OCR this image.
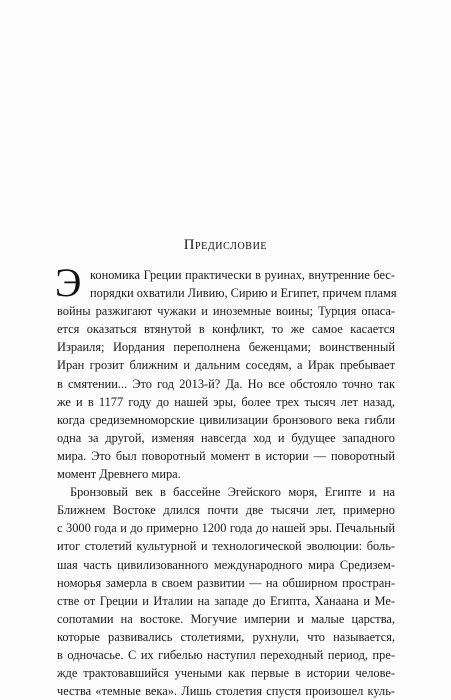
Предисловие
Э кономика Греции практически в руинах, внутренние бес-
порядки охватили Ливию, Сирию и Египет, причем пламя
войны разжигают чужаки и иноземные воины; Турция опаса-
ется оказаться втянутой в конфликт, то же самое касается
Израиля; Иордания переполнена беженцами; воинственный
Иран грозит ближним и дальним соседям, а Ирак пребывает
в смятении... Это год 2013-й? Да. Но все обстояло точно так
же и в 1177 году до нашей эры, более трех тысяч лет назад,
когда средиземноморские цивилизации бронзового века гибли
одна за другой, изменяя навсегда ход и будущее западного
мира. Это был поворотный момент в истории — поворотный
момент Древнего мира.
Бронзовый век в бассейне Эгейского моря, Египте и на
Ближнем Востоке длился почти две тысячи лет, примерно
с 3000 года и до примерно 1200 года до нашей эры. Печальный
итог столетий культурной и технологической эволюции: боль-
шая часть цивилизованного международного мира Средизем-
номорья замерла в своем развитии — на обширном простран-
стве от Греции и Италии на западе до Египта, Ханаана и Ме-
сопотамии на востоке. Могучие империи и малые царства,
которые развивались столетиями, рухнули, что называется,
в одночасье. С их гибелью наступил переходный период, пре-
жде трактовавшийся учеными как первые в истории челове-
чества «темные века». Лишь столетия спустя произошел куль-
